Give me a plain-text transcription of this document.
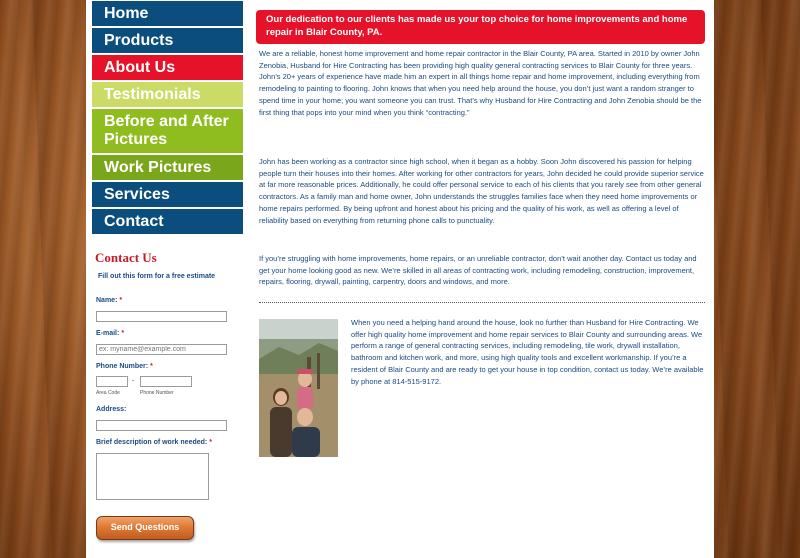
Home
Products
About Us
Testimonials
Before and After Pictures
Work Pictures
Services
Contact
Contact Us
Fill out this form for a free estimate
Name: *
E-mail: *
ex: myname@example.com
Phone Number: *
-
Area Code	Phone Number
Address:
Brief description of work needed: *
Send Questions
Our dedication to our clients has made us your top choice for home improvements and home repair in Blair County, PA.

We are a reliable, honest home improvement and home repair contractor in the Blair County, PA area. Started in 2010 by owner John Zenobia, Husband for Hire Contracting has been providing high quality general contracting services to Blair County for three years. John’s 20+ years of experience have made him an expert in all things home repair and home improvement, including everything from remodeling to painting to flooring. John knows that when you need help around the house, you don’t just want a random stranger to spend time in your home; you want someone you can trust. That’s why Husband for Hire Contracting and John Zenobia should be the first thing that pops into your mind when you think “contracting.”

John has been working as a contractor since high school, when it began as a hobby. Soon John discovered his passion for helping people turn their houses into their homes. After working for other contractors for years, John decided he could provide superior service at far more reasonable prices. Additionally, he could offer personal service to each of his clients that you rarely see from other general contractors. As a family man and home owner, John understands the struggles families face when they need home improvements or home repairs performed. By being upfront and honest about his pricing and the quality of his work, as well as offering a level of reliability based on everything from returning phone calls to punctuality.

If you’re struggling with home improvements, home repairs, or an unreliable contractor, don’t wait another day. Contact us today and get your home looking good as new. We’re skilled in all areas of contracting work, including remodeling, construction, improvement, repairs, flooring, drywall, painting, carpentry, doors and windows, and more.

When you need a helping hand around the house, look no further than Husband for Hire Contracting. We offer high quality home improvement and home repair services to Blair County and surrounding areas. We perform a range of general contracting services, including remodeling, tile work, drywall installation, bathroom and kitchen work, and more, using high quality tools and excellent workmanship. If you’re a resident of Blair County and are ready to get your house in top condition, contact us today. We’re available by phone at 814-515-9172.
